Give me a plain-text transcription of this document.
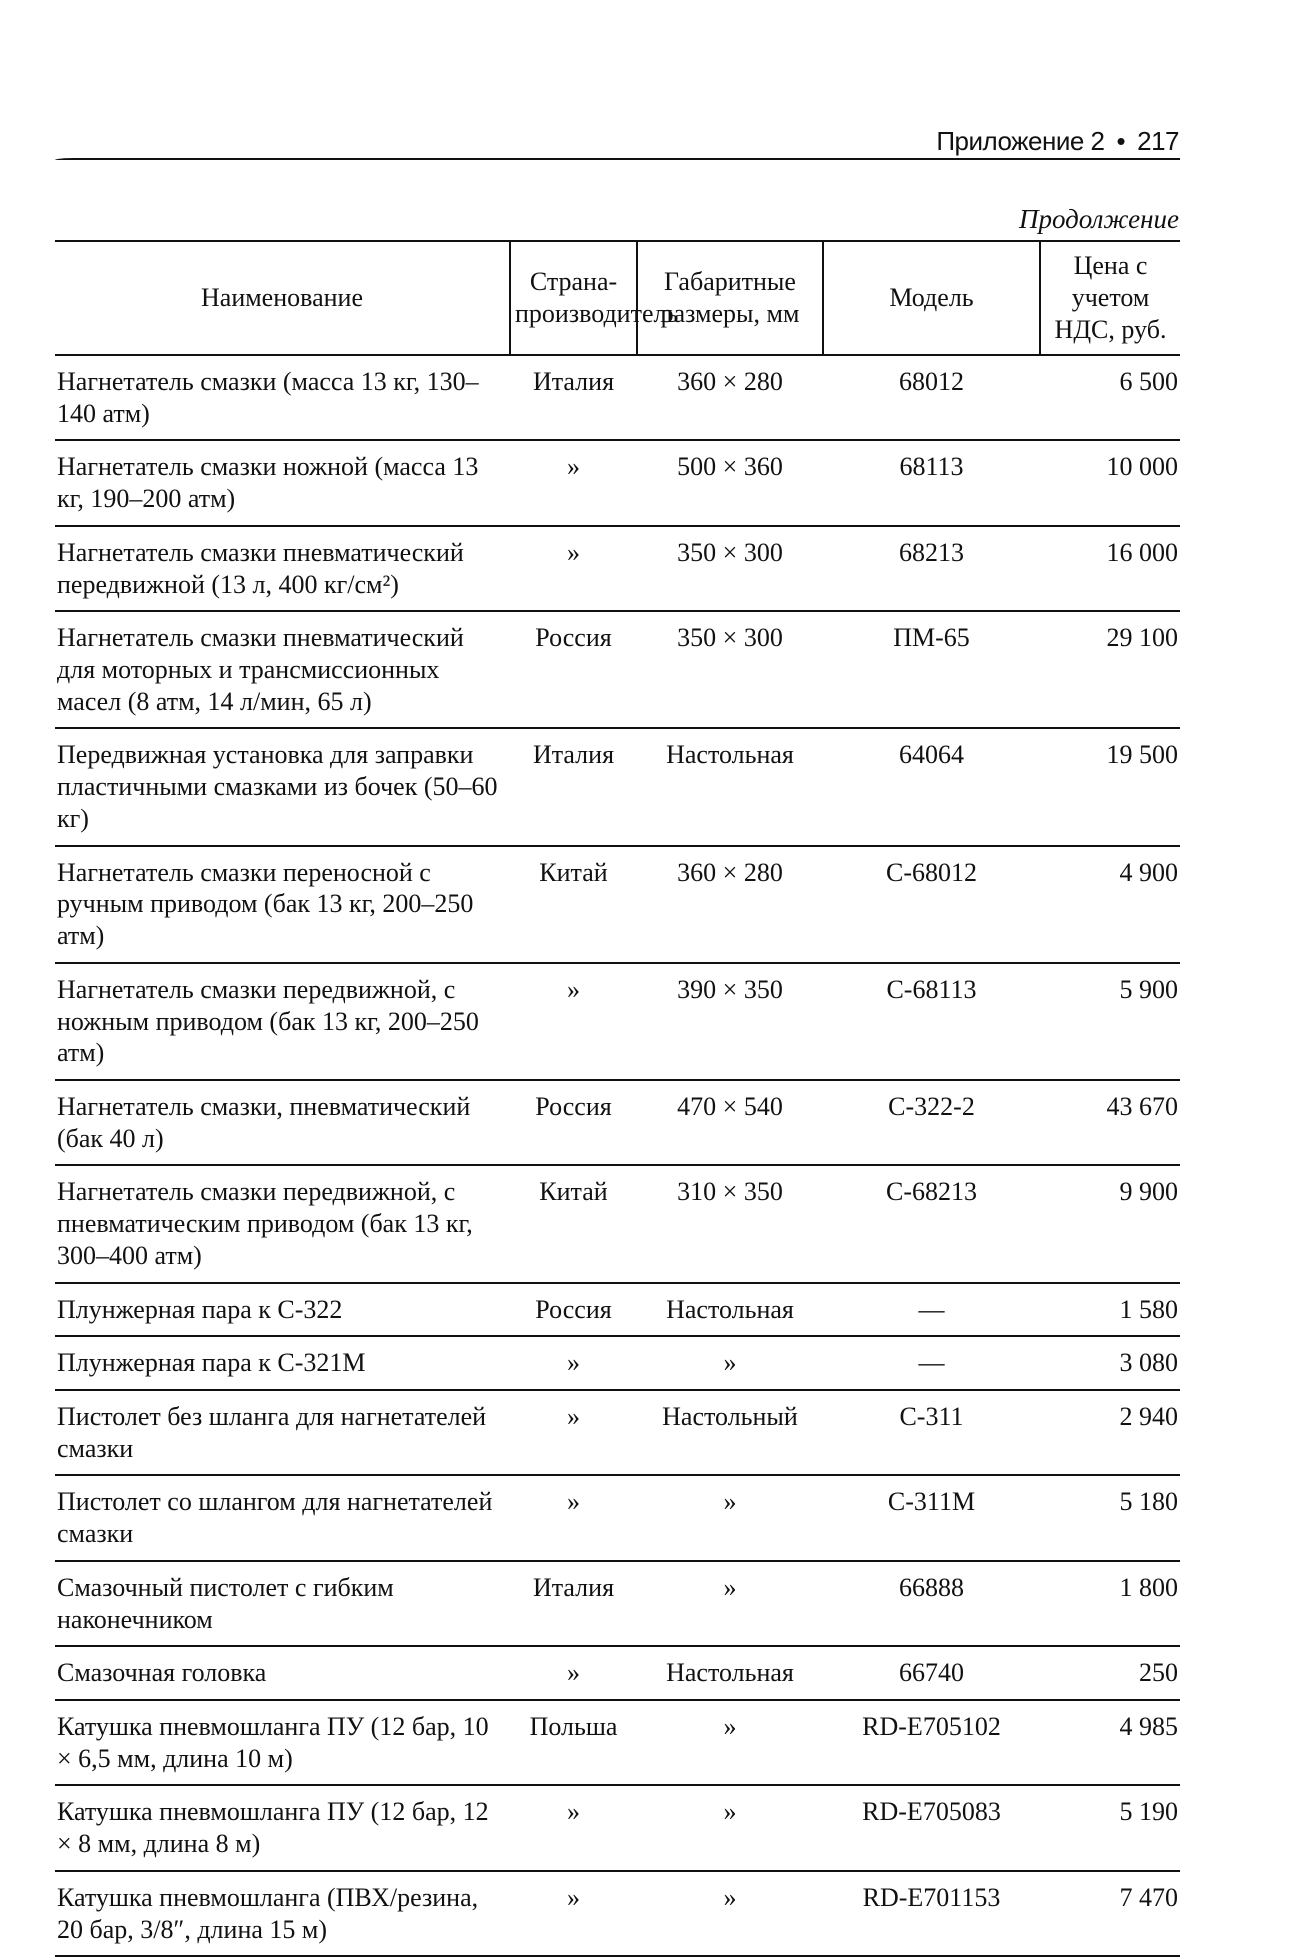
Приложение 2 • 217
Продолжение
Наименование	Страна-производитель	Габаритные размеры, мм	Модель	Цена с учетом НДС, руб.
Нагнетатель смазки (масса 13 кг, 130–140 атм)	Италия	360 × 280	68012	6 500
Нагнетатель смазки ножной (масса 13 кг, 190–200 атм)	»	500 × 360	68113	10 000
Нагнетатель смазки пневматический передвижной (13 л, 400 кг/см²)	»	350 × 300	68213	16 000
Нагнетатель смазки пневматический для моторных и трансмиссионных масел (8 атм, 14 л/мин, 65 л)	Россия	350 × 300	ПМ-65	29 100
Передвижная установка для заправки пластичными смазками из бочек (50–60 кг)	Италия	Настольная	64064	19 500
Нагнетатель смазки переносной с ручным приводом (бак 13 кг, 200–250 атм)	Китай	360 × 280	С-68012	4 900
Нагнетатель смазки передвижной, с ножным приводом (бак 13 кг, 200–250 атм)	»	390 × 350	С-68113	5 900
Нагнетатель смазки, пневматический (бак 40 л)	Россия	470 × 540	С-322-2	43 670
Нагнетатель смазки передвижной, с пневматическим приводом (бак 13 кг, 300–400 атм)	Китай	310 × 350	С-68213	9 900
Плунжерная пара к С-322	Россия	Настольная	—	1 580
Плунжерная пара к С-321М	»	»	—	3 080
Пистолет без шланга для нагнетателей смазки	»	Настольный	С-311	2 940
Пистолет со шлангом для нагнетателей смазки	»	»	С-311М	5 180
Смазочный пистолет с гибким наконечником	Италия	»	66888	1 800
Смазочная головка	»	Настольная	66740	250
Катушка пневмошланга ПУ (12 бар, 10 × 6,5 мм, длина 10 м)	Польша	»	RD-E705102	4 985
Катушка пневмошланга ПУ (12 бар, 12 × 8 мм, длина 8 м)	»	»	RD-E705083	5 190
Катушка пневмошланга (ПВХ/резина, 20 бар, 3/8″, длина 15 м)	»	»	RD-E701153	7 470
